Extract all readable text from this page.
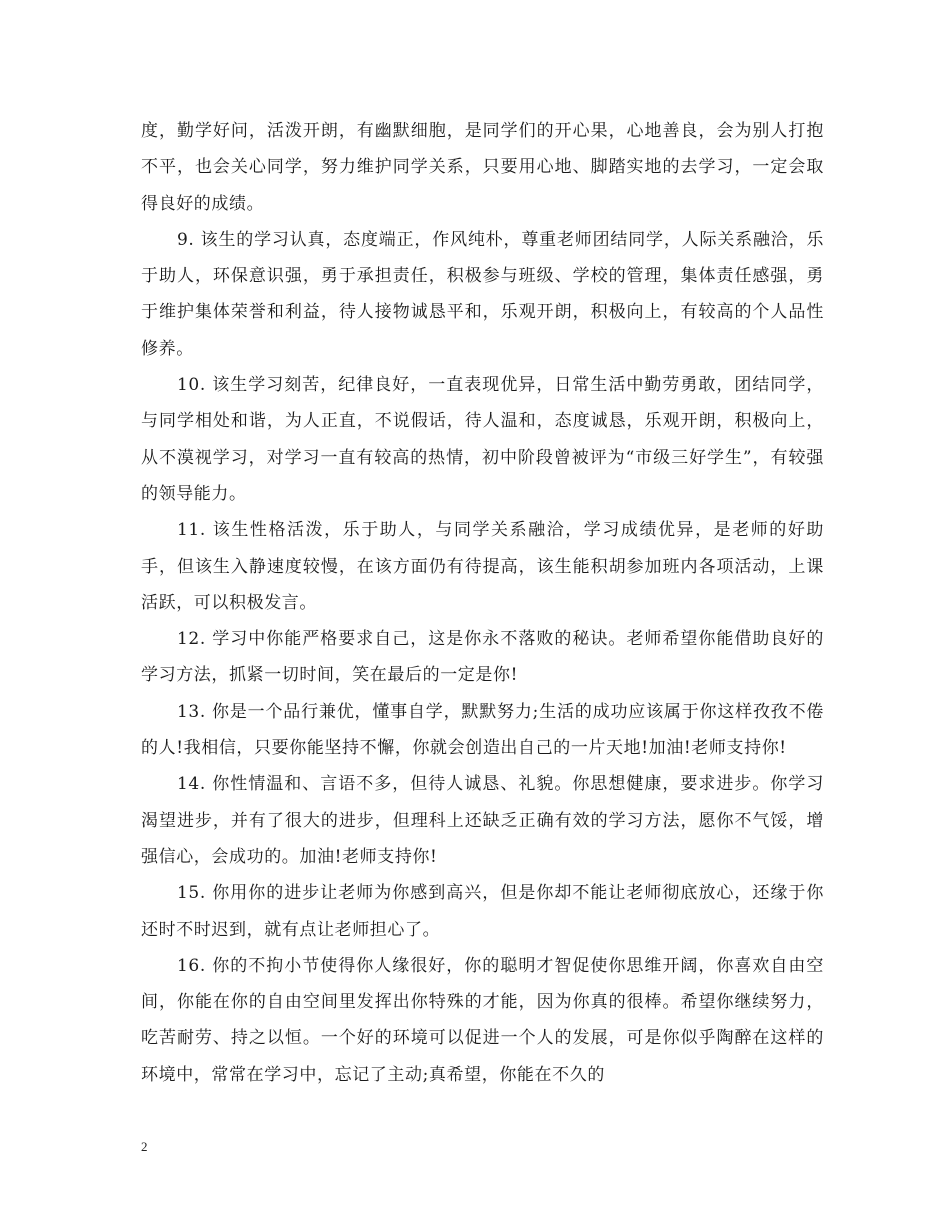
度，勤学好问，活泼开朗，有幽默细胞，是同学们的开心果，心地善良，会为别人打抱不平，也会关心同学，努力维护同学关系，只要用心地、脚踏实地的去学习，一定会取得良好的成绩。

9. 该生的学习认真，态度端正，作风纯朴，尊重老师团结同学，人际关系融洽，乐于助人，环保意识强，勇于承担责任，积极参与班级、学校的管理，集体责任感强，勇于维护集体荣誉和利益，待人接物诚恳平和，乐观开朗，积极向上，有较高的个人品性修养。

10. 该生学习刻苦，纪律良好，一直表现优异，日常生活中勤劳勇敢，团结同学，与同学相处和谐，为人正直，不说假话，待人温和，态度诚恳，乐观开朗，积极向上，从不漠视学习，对学习一直有较高的热情，初中阶段曾被评为“市级三好学生”，有较强的领导能力。

11. 该生性格活泼，乐于助人，与同学关系融洽，学习成绩优异，是老师的好助手，但该生入静速度较慢，在该方面仍有待提高，该生能积胡参加班内各项活动，上课活跃，可以积极发言。

12. 学习中你能严格要求自己，这是你永不落败的秘诀。老师希望你能借助良好的学习方法，抓紧一切时间，笑在最后的一定是你!

13. 你是一个品行兼优，懂事自学，默默努力;生活的成功应该属于你这样孜孜不倦的人!我相信，只要你能坚持不懈，你就会创造出自己的一片天地!加油!老师支持你!

14. 你性情温和、言语不多，但待人诚恳、礼貌。你思想健康，要求进步。你学习渴望进步，并有了很大的进步，但理科上还缺乏正确有效的学习方法，愿你不气馁，增强信心，会成功的。加油!老师支持你!

15. 你用你的进步让老师为你感到高兴，但是你却不能让老师彻底放心，还缘于你还时不时迟到，就有点让老师担心了。

16. 你的不拘小节使得你人缘很好，你的聪明才智促使你思维开阔，你喜欢自由空间，你能在你的自由空间里发挥出你特殊的才能，因为你真的很棒。希望你继续努力，吃苦耐劳、持之以恒。一个好的环境可以促进一个人的发展，可是你似乎陶醉在这样的环境中，常常在学习中，忘记了主动;真希望，你能在不久的

2
